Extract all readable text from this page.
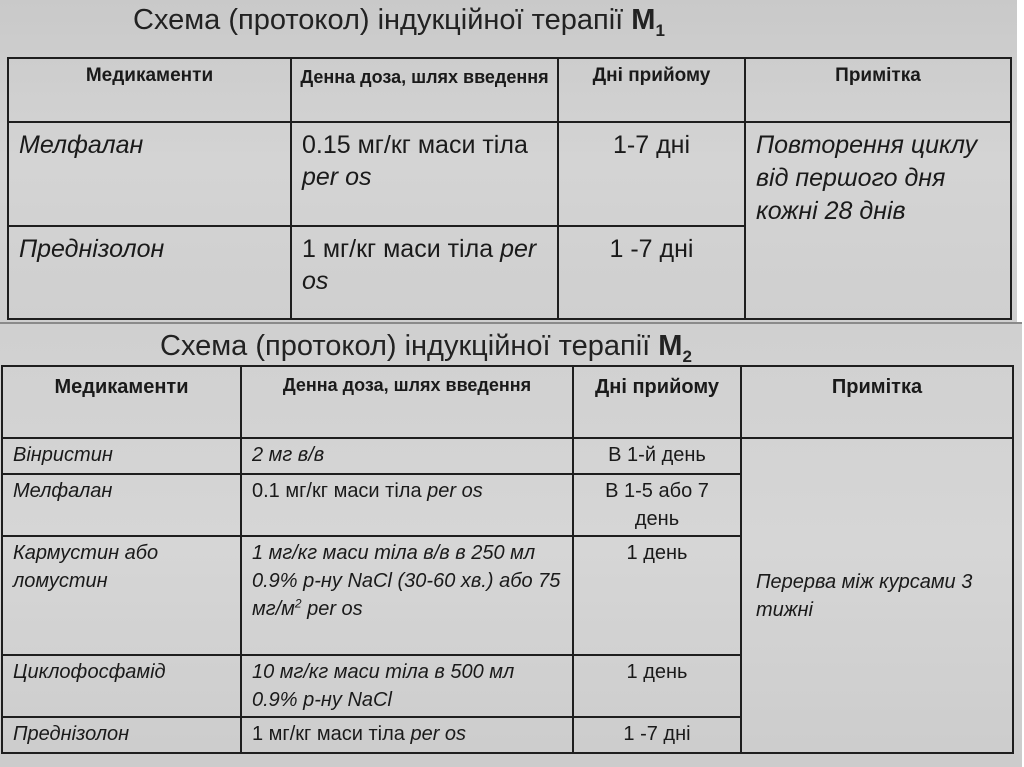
Схема (протокол) індукційної терапії $M_1$
Медикаменти	Денна доза, шлях введення	Дні прийому	Примітка
Мелфалан	0.15 мг/кг маси тіла per os	1-7 дні	Повторення циклу від першого дня кожні 28 днів
Преднізолон	1 мг/кг маси тіла per os	1 -7 дні	
Схема (протокол) індукційної терапії $M_2$
Медикаменти	Денна доза, шлях введення	Дні прийому	Примітка
Вінристин	2 мг в/в	В 1-й день	Перерва між курсами 3 тижні
Мелфалан	0.1 мг/кг маси тіла per os	В 1-5 або 7 день	
Кармустин або ломустин	1 мг/кг маси тіла в/в в 250 мл 0.9% р-ну NaCl (30-60 хв.) або 75 $мг/м^2$ per os	1 день	
Циклофосфамід	10 мг/кг маси тіла в 500 мл 0.9% р-ну NaCl	1 день	
Преднізолон	1 мг/кг маси тіла per os	1 -7 дні	
